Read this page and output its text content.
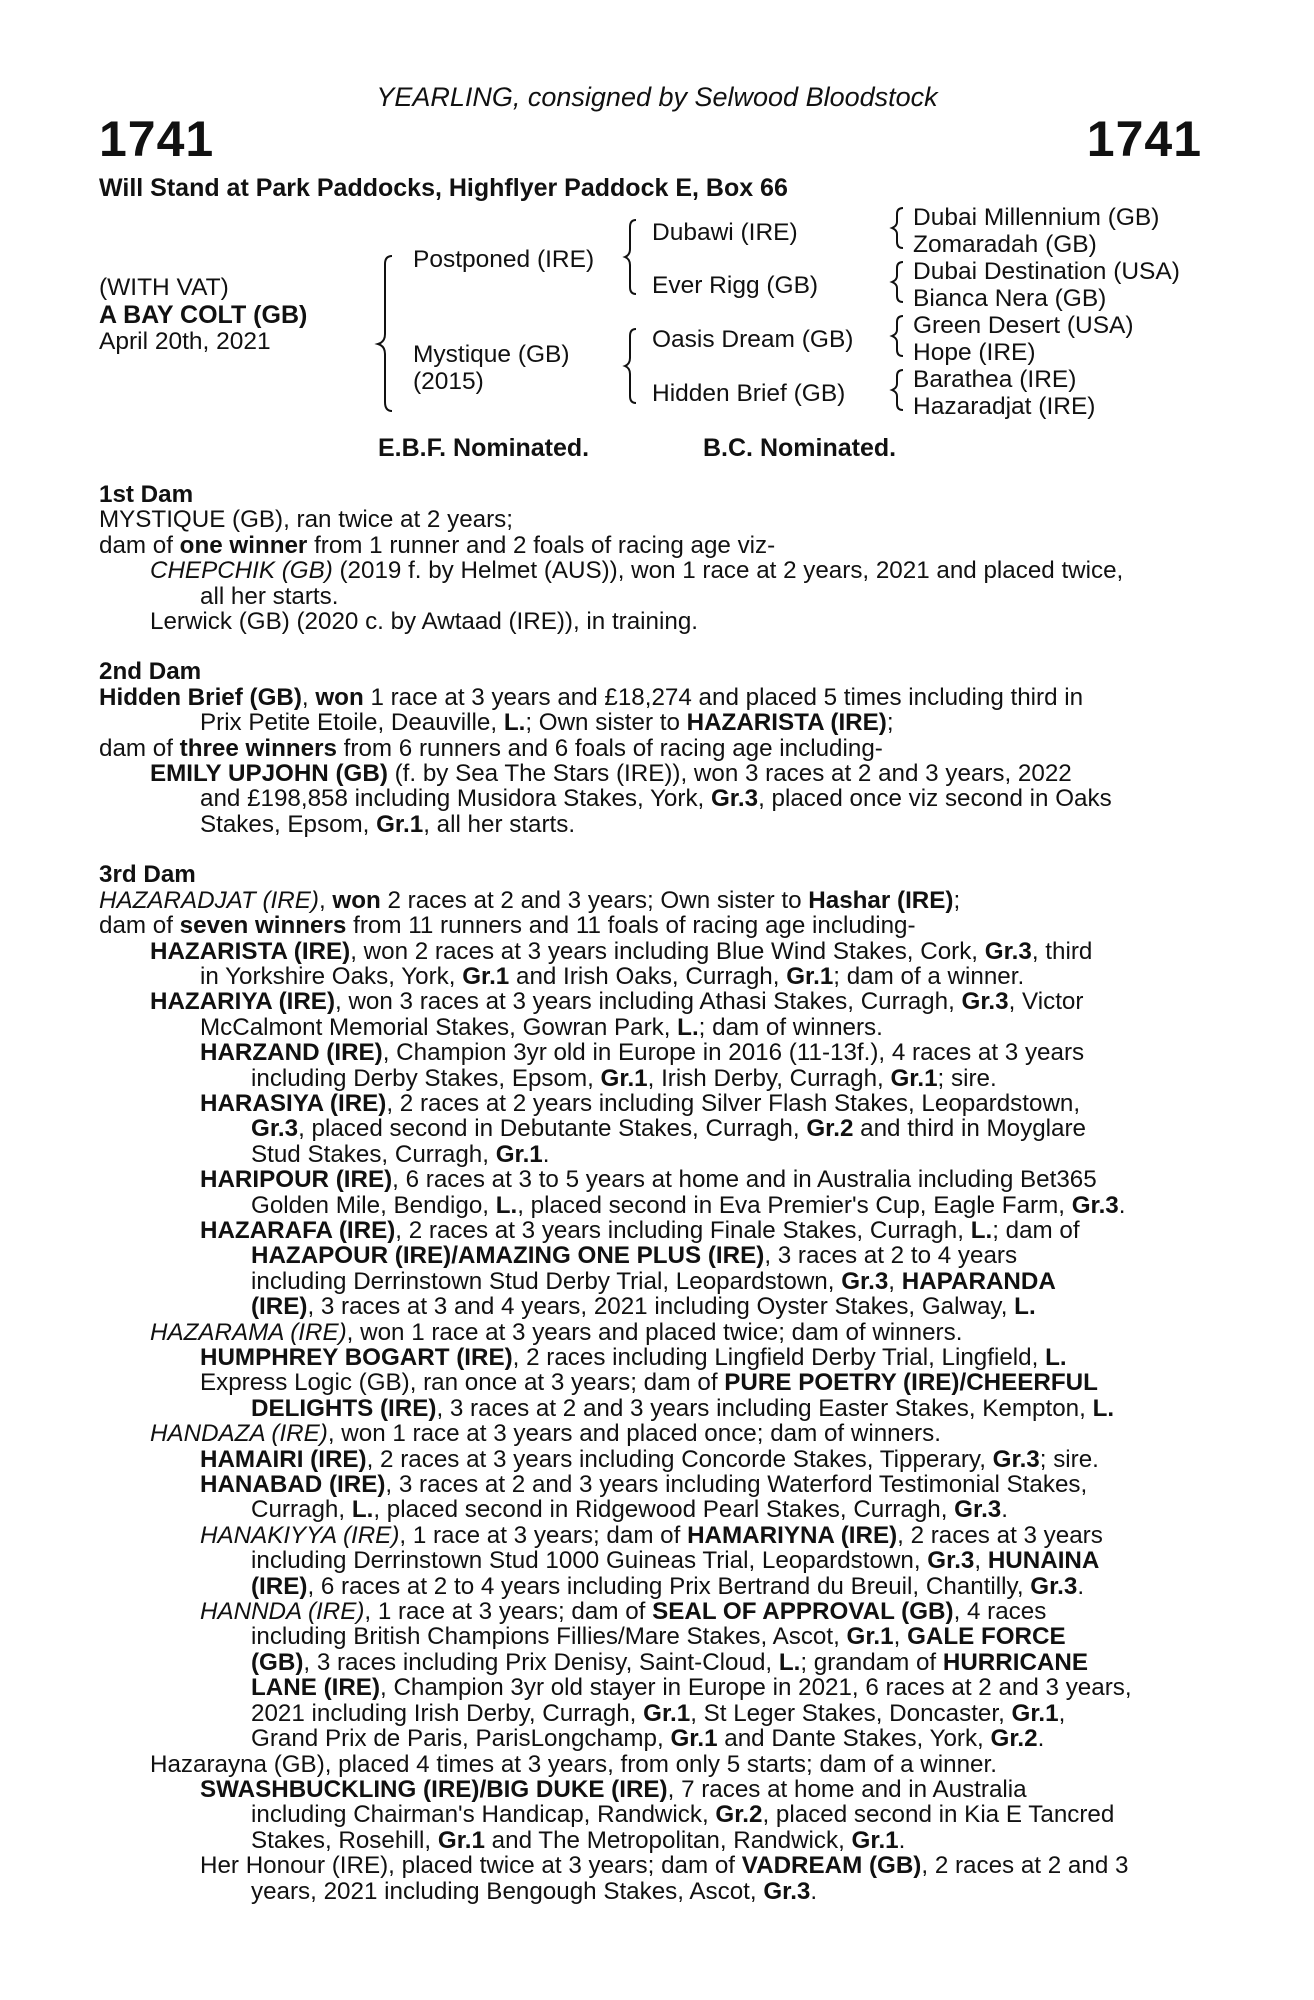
YEARLING, consigned by Selwood Bloodstock
1741	1741
Will Stand at Park Paddocks, Highflyer Paddock E, Box 66
(WITH VAT)
A BAY COLT (GB)
April 20th, 2021
Postponed (IRE)
Mystique (GB)
(2015)
Dubawi (IRE)
Ever Rigg (GB)
Oasis Dream (GB)
Hidden Brief (GB)
Dubai Millennium (GB)
Zomaradah (GB)
Dubai Destination (USA)
Bianca Nera (GB)
Green Desert (USA)
Hope (IRE)
Barathea (IRE)
Hazaradjat (IRE)
E.B.F. Nominated.	B.C. Nominated.
1st Dam
MYSTIQUE (GB), ran twice at 2 years;
dam of one winner from 1 runner and 2 foals of racing age viz-
CHEPCHIK (GB) (2019 f. by Helmet (AUS)), won 1 race at 2 years, 2021 and placed twice,
all her starts.
Lerwick (GB) (2020 c. by Awtaad (IRE)), in training.
2nd Dam
Hidden Brief (GB), won 1 race at 3 years and £18,274 and placed 5 times including third in
Prix Petite Etoile, Deauville, L.; Own sister to HAZARISTA (IRE);
dam of three winners from 6 runners and 6 foals of racing age including-
EMILY UPJOHN (GB) (f. by Sea The Stars (IRE)), won 3 races at 2 and 3 years, 2022
and £198,858 including Musidora Stakes, York, Gr.3, placed once viz second in Oaks
Stakes, Epsom, Gr.1, all her starts.
3rd Dam
HAZARADJAT (IRE), won 2 races at 2 and 3 years; Own sister to Hashar (IRE);
dam of seven winners from 11 runners and 11 foals of racing age including-
HAZARISTA (IRE), won 2 races at 3 years including Blue Wind Stakes, Cork, Gr.3, third
in Yorkshire Oaks, York, Gr.1 and Irish Oaks, Curragh, Gr.1; dam of a winner.
HAZARIYA (IRE), won 3 races at 3 years including Athasi Stakes, Curragh, Gr.3, Victor
McCalmont Memorial Stakes, Gowran Park, L.; dam of winners.
HARZAND (IRE), Champion 3yr old in Europe in 2016 (11-13f.), 4 races at 3 years
including Derby Stakes, Epsom, Gr.1, Irish Derby, Curragh, Gr.1; sire.
HARASIYA (IRE), 2 races at 2 years including Silver Flash Stakes, Leopardstown,
Gr.3, placed second in Debutante Stakes, Curragh, Gr.2 and third in Moyglare
Stud Stakes, Curragh, Gr.1.
HARIPOUR (IRE), 6 races at 3 to 5 years at home and in Australia including Bet365
Golden Mile, Bendigo, L., placed second in Eva Premier's Cup, Eagle Farm, Gr.3.
HAZARAFA (IRE), 2 races at 3 years including Finale Stakes, Curragh, L.; dam of
HAZAPOUR (IRE)/AMAZING ONE PLUS (IRE), 3 races at 2 to 4 years
including Derrinstown Stud Derby Trial, Leopardstown, Gr.3, HAPARANDA
(IRE), 3 races at 3 and 4 years, 2021 including Oyster Stakes, Galway, L.
HAZARAMA (IRE), won 1 race at 3 years and placed twice; dam of winners.
HUMPHREY BOGART (IRE), 2 races including Lingfield Derby Trial, Lingfield, L.
Express Logic (GB), ran once at 3 years; dam of PURE POETRY (IRE)/CHEERFUL
DELIGHTS (IRE), 3 races at 2 and 3 years including Easter Stakes, Kempton, L.
HANDAZA (IRE), won 1 race at 3 years and placed once; dam of winners.
HAMAIRI (IRE), 2 races at 3 years including Concorde Stakes, Tipperary, Gr.3; sire.
HANABAD (IRE), 3 races at 2 and 3 years including Waterford Testimonial Stakes,
Curragh, L., placed second in Ridgewood Pearl Stakes, Curragh, Gr.3.
HANAKIYYA (IRE), 1 race at 3 years; dam of HAMARIYNA (IRE), 2 races at 3 years
including Derrinstown Stud 1000 Guineas Trial, Leopardstown, Gr.3, HUNAINA
(IRE), 6 races at 2 to 4 years including Prix Bertrand du Breuil, Chantilly, Gr.3.
HANNDA (IRE), 1 race at 3 years; dam of SEAL OF APPROVAL (GB), 4 races
including British Champions Fillies/Mare Stakes, Ascot, Gr.1, GALE FORCE
(GB), 3 races including Prix Denisy, Saint-Cloud, L.; grandam of HURRICANE
LANE (IRE), Champion 3yr old stayer in Europe in 2021, 6 races at 2 and 3 years,
2021 including Irish Derby, Curragh, Gr.1, St Leger Stakes, Doncaster, Gr.1,
Grand Prix de Paris, ParisLongchamp, Gr.1 and Dante Stakes, York, Gr.2.
Hazarayna (GB), placed 4 times at 3 years, from only 5 starts; dam of a winner.
SWASHBUCKLING (IRE)/BIG DUKE (IRE), 7 races at home and in Australia
including Chairman's Handicap, Randwick, Gr.2, placed second in Kia E Tancred
Stakes, Rosehill, Gr.1 and The Metropolitan, Randwick, Gr.1.
Her Honour (IRE), placed twice at 3 years; dam of VADREAM (GB), 2 races at 2 and 3
years, 2021 including Bengough Stakes, Ascot, Gr.3.
